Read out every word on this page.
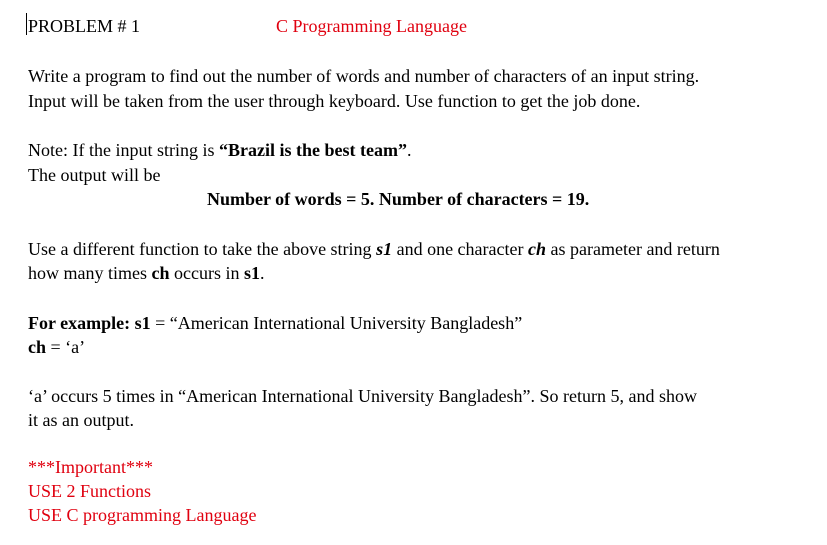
PROBLEM # 1	C Programming Language
Write a program to find out the number of words and number of characters of an input string.
Input will be taken from the user through keyboard. Use function to get the job done.
Note: If the input string is “Brazil is the best team”.
The output will be
Number of words = 5. Number of characters = 19.
Use a different function to take the above string s1 and one character ch as parameter and return
how many times ch occurs in s1.
For example: s1 = “American International University Bangladesh”
ch = ‘a’
‘a’ occurs 5 times in “American International University Bangladesh”. So return 5, and show
it as an output.
***Important***
USE 2 Functions
USE C programming Language
